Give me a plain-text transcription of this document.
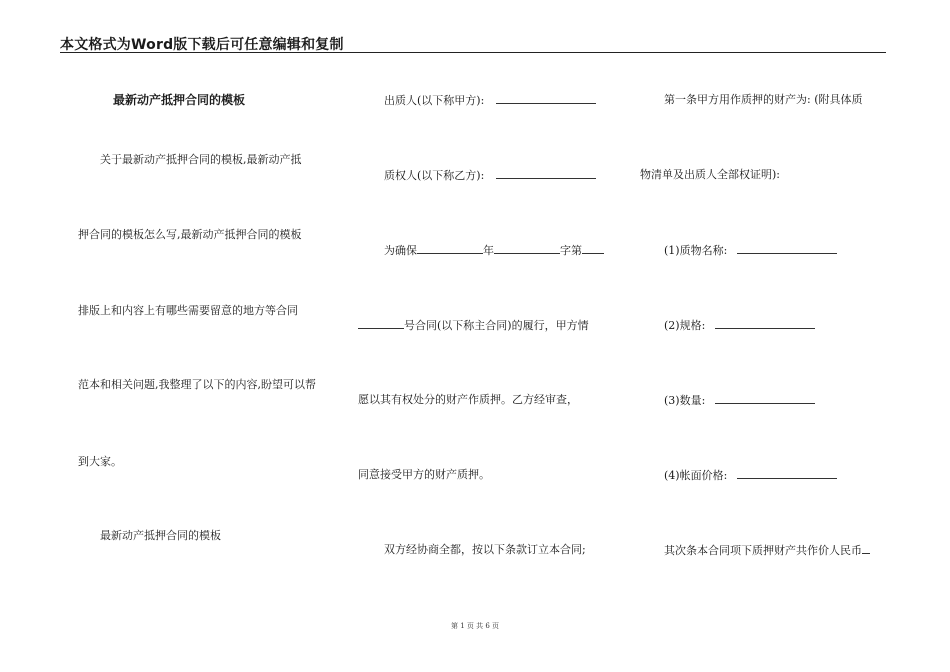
本文格式为Word版下载后可任意编辑和复制
最新动产抵押合同的模板
关于最新动产抵押合同的模板,最新动产抵
押合同的模板怎么写,最新动产抵押合同的模板
排版上和内容上有哪些需要留意的地方等合同
范本和相关问题,我整理了以下的内容,盼望可以帮
到大家。
最新动产抵押合同的模板
出质人(以下称甲方):
质权人(以下称乙方):
为确保	年	字第
号合同(以下称主合同)的履行，甲方情
愿以其有权处分的财产作质押。乙方经审查，
同意接受甲方的财产质押。
双方经协商全都，按以下条款订立本合同;
第一条甲方用作质押的财产为: (附具体质
物清单及出质人全部权证明):
(1)质物名称:
(2)规格:
(3)数量:
(4)帐面价格:
其次条本合同项下质押财产共作价人民币
第 1 页 共 6 页
